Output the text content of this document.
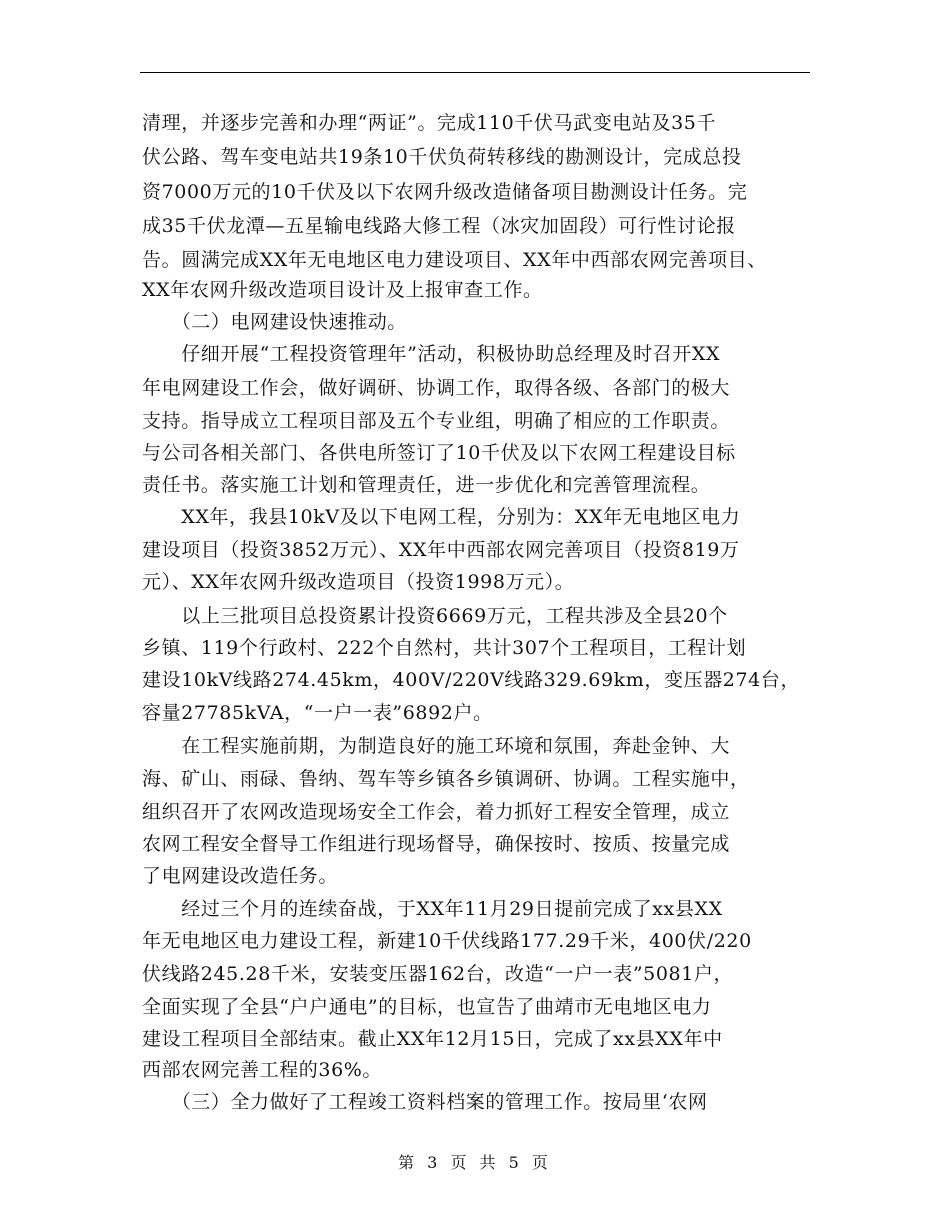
清理，并逐步完善和办理“两证”。完成110千伏马武变电站及35千
伏公路、驾车变电站共19条10千伏负荷转移线的勘测设计，完成总投
资7000万元的10千伏及以下农网升级改造储备项目勘测设计任务。完
成35千伏龙潭—五星输电线路大修工程（冰灾加固段）可行性讨论报
告。圆满完成XX年无电地区电力建设项目、XX年中西部农网完善项目、
XX年农网升级改造项目设计及上报审查工作。
　　（二）电网建设快速推动。
　　仔细开展“工程投资管理年”活动，积极协助总经理及时召开XX
年电网建设工作会，做好调研、协调工作，取得各级、各部门的极大
支持。指导成立工程项目部及五个专业组，明确了相应的工作职责。
与公司各相关部门、各供电所签订了10千伏及以下农网工程建设目标
责任书。落实施工计划和管理责任，进一步优化和完善管理流程。
　　XX年，我县10kV及以下电网工程，分别为：XX年无电地区电力
建设项目（投资3852万元）、XX年中西部农网完善项目（投资819万
元）、XX年农网升级改造项目（投资1998万元）。
　　以上三批项目总投资累计投资6669万元，工程共涉及全县20个
乡镇、119个行政村、222个自然村，共计307个工程项目，工程计划
建设10kV线路274.45km，400V/220V线路329.69km，变压器274台，
容量27785kVA，“一户一表”6892户。
　　在工程实施前期，为制造良好的施工环境和氛围，奔赴金钟、大
海、矿山、雨碌、鲁纳、驾车等乡镇各乡镇调研、协调。工程实施中，
组织召开了农网改造现场安全工作会，着力抓好工程安全管理，成立
农网工程安全督导工作组进行现场督导，确保按时、按质、按量完成
了电网建设改造任务。
　　经过三个月的连续奋战，于XX年11月29日提前完成了xx县XX
年无电地区电力建设工程，新建10千伏线路177.29千米，400伏/220
伏线路245.28千米，安装变压器162台，改造“一户一表”5081户，
全面实现了全县“户户通电”的目标，也宣告了曲靖市无电地区电力
建设工程项目全部结束。截止XX年12月15日，完成了xx县XX年中
西部农网完善工程的36%。
　　（三）全力做好了工程竣工资料档案的管理工作。按局里‘农网
第 3 页 共 5 页
